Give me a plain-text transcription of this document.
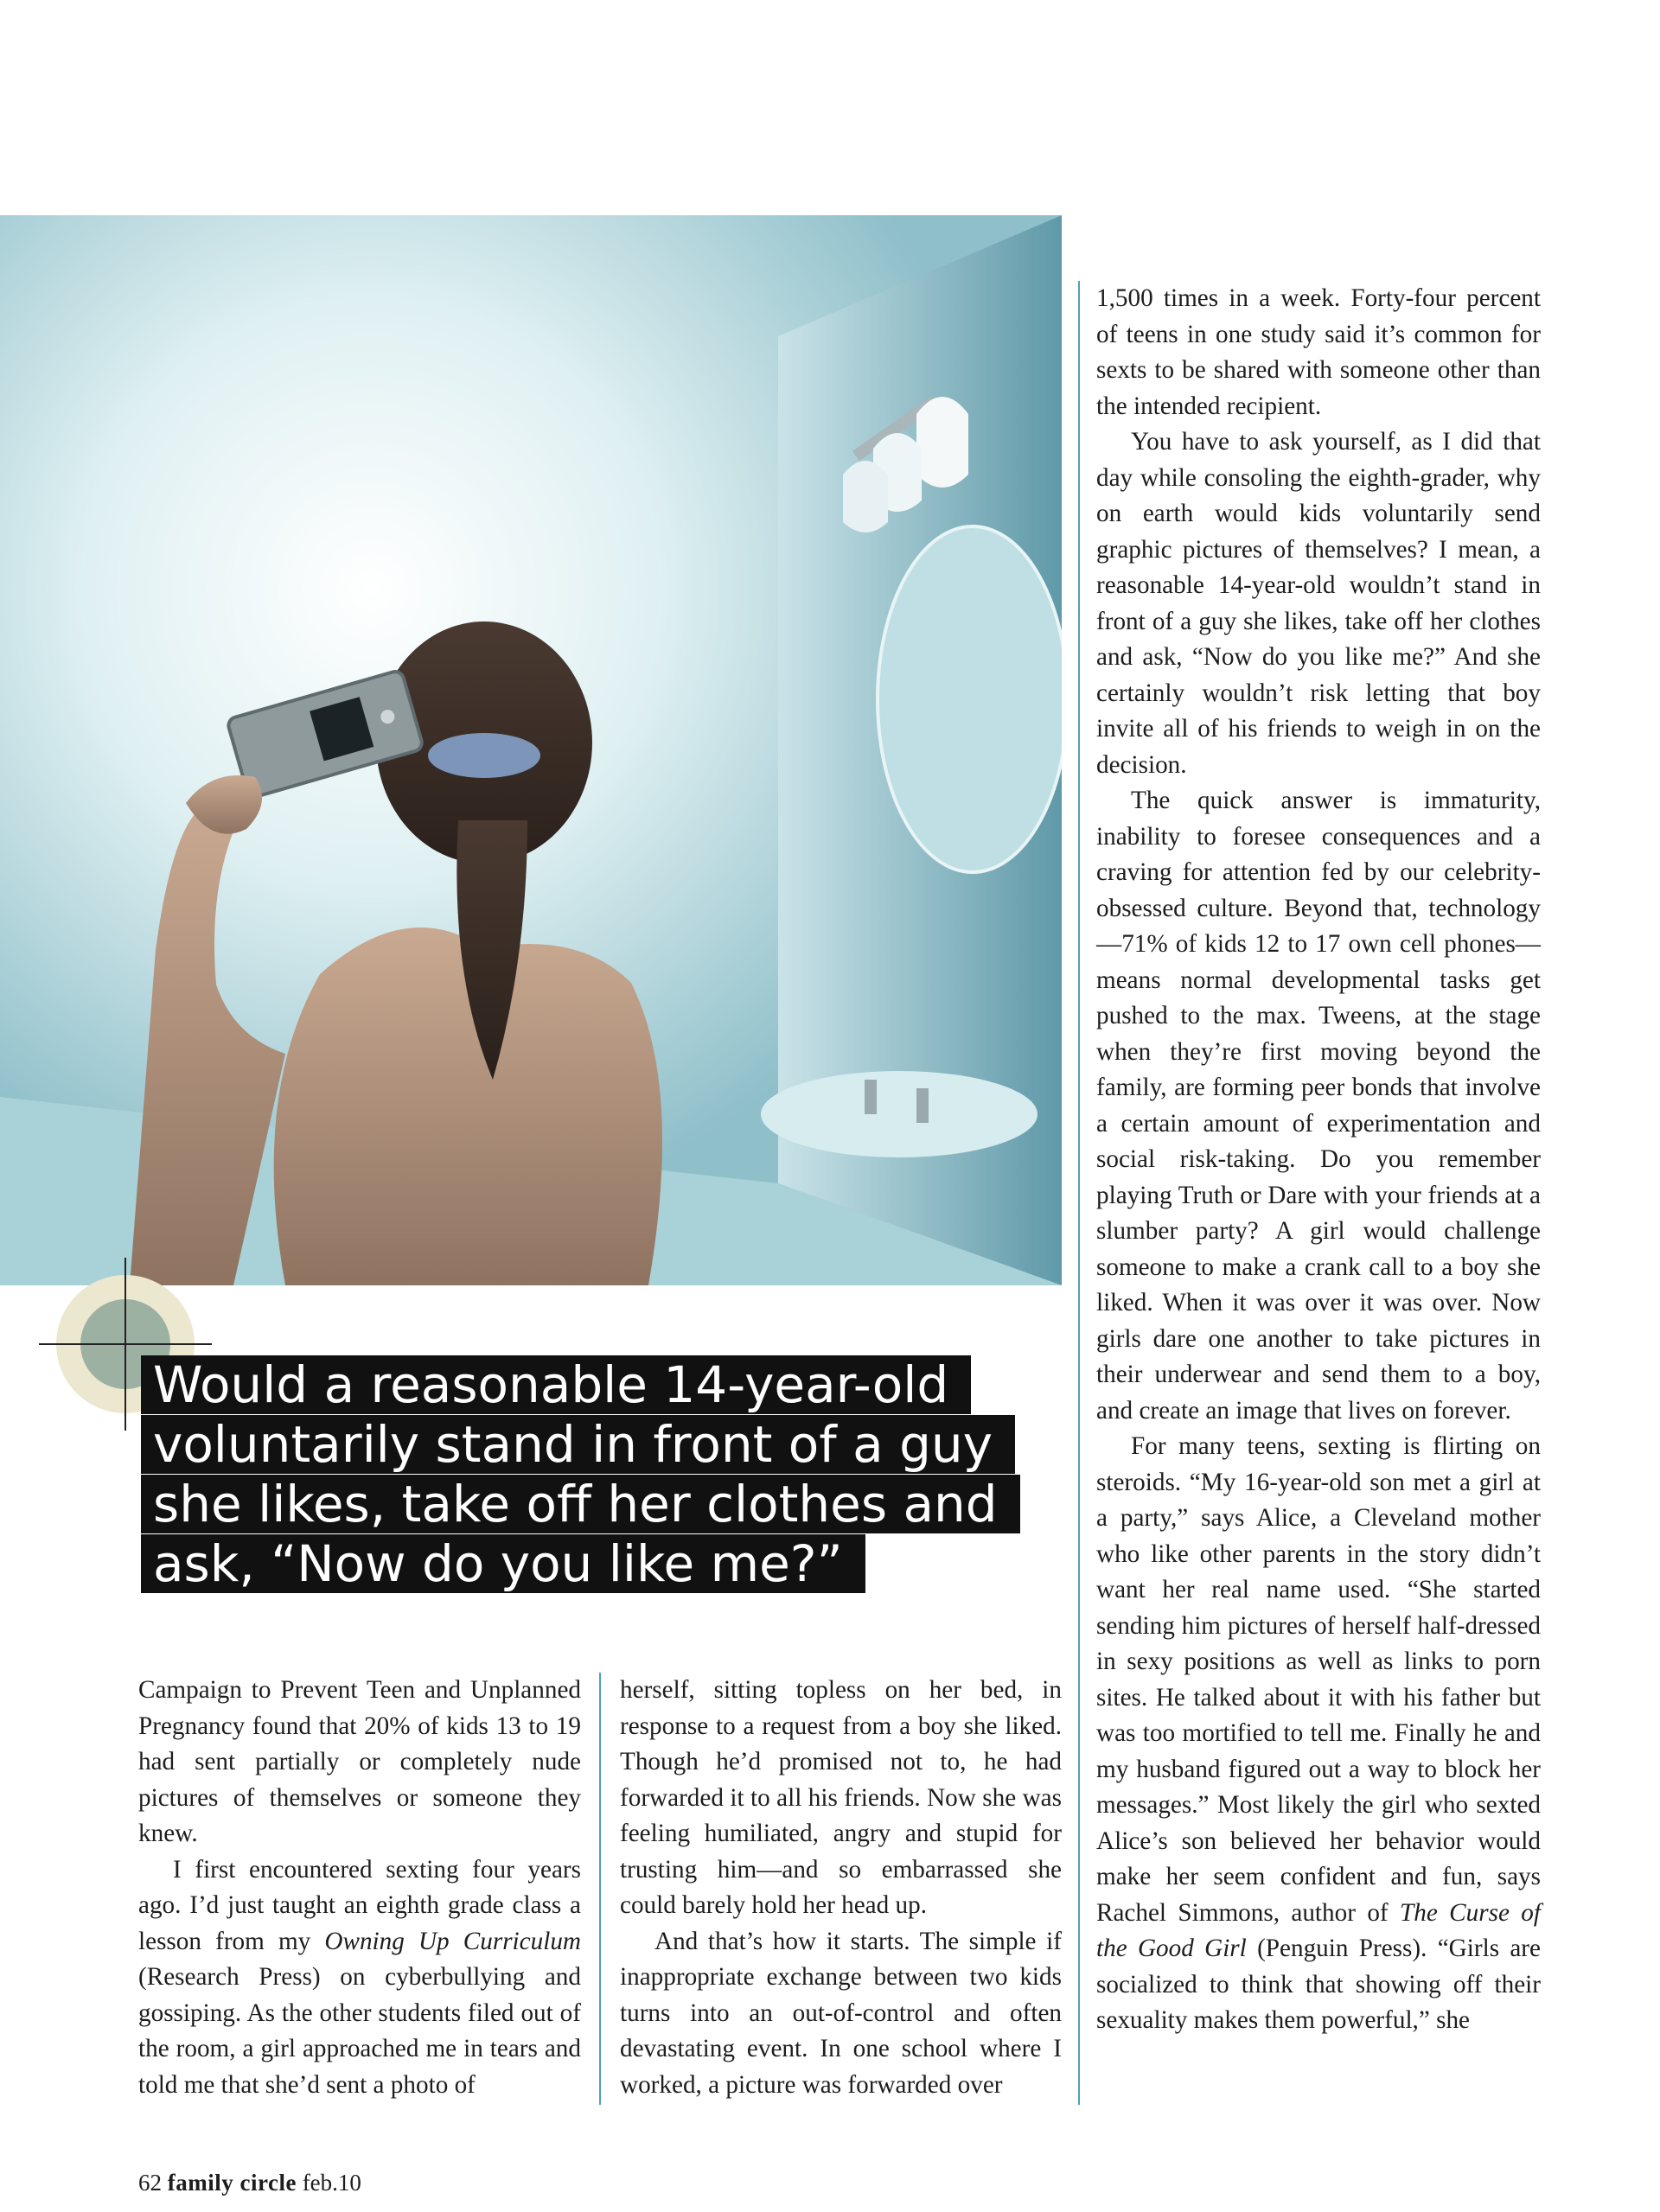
Would a reasonable 14-year-old
voluntarily stand in front of a guy
she likes, take off her clothes and
ask, “Now do you like me?”

Campaign to Prevent Teen and Unplanned Pregnancy found that 20% of kids 13 to 19 had sent partially or completely nude pictures of themselves or someone they knew.

I first encountered sexting four years ago. I’d just taught an eighth grade class a lesson from my Owning Up Curriculum (Research Press) on cyberbullying and gossiping. As the other students filed out of the room, a girl approached me in tears and told me that she’d sent a photo of

herself, sitting topless on her bed, in response to a request from a boy she liked. Though he’d promised not to, he had forwarded it to all his friends. Now she was feeling humiliated, angry and stupid for trusting him—and so embarrassed she could barely hold her head up.

And that’s how it starts. The simple if inappropriate exchange between two kids turns into an out-of-control and often devastating event. In one school where I worked, a picture was forwarded over

1,500 times in a week. Forty-four percent of teens in one study said it’s common for sexts to be shared with someone other than the intended recipient.

You have to ask yourself, as I did that day while consoling the eighth-grader, why on earth would kids voluntarily send graphic pictures of themselves? I mean, a reasonable 14-year-old wouldn’t stand in front of a guy she likes, take off her clothes and ask, “Now do you like me?” And she certainly wouldn’t risk letting that boy invite all of his friends to weigh in on the decision.

The quick answer is immaturity, inability to foresee consequences and a craving for attention fed by our celebrity-obsessed culture. Beyond that, technology—71% of kids 12 to 17 own cell phones—means normal developmental tasks get pushed to the max. Tweens, at the stage when they’re first moving beyond the family, are forming peer bonds that involve a certain amount of experimentation and social risk-taking. Do you remember playing Truth or Dare with your friends at a slumber party? A girl would challenge someone to make a crank call to a boy she liked. When it was over it was over. Now girls dare one another to take pictures in their underwear and send them to a boy, and create an image that lives on forever.

For many teens, sexting is flirting on steroids. “My 16-year-old son met a girl at a party,” says Alice, a Cleveland mother who like other parents in the story didn’t want her real name used. “She started sending him pictures of herself half-dressed in sexy positions as well as links to porn sites. He talked about it with his father but was too mortified to tell me. Finally he and my husband figured out a way to block her messages.” Most likely the girl who sexted Alice’s son believed her behavior would make her seem confident and fun, says Rachel Simmons, author of The Curse of the Good Girl (Penguin Press). “Girls are socialized to think that showing off their sexuality makes them powerful,” she

62 family circle feb.10
